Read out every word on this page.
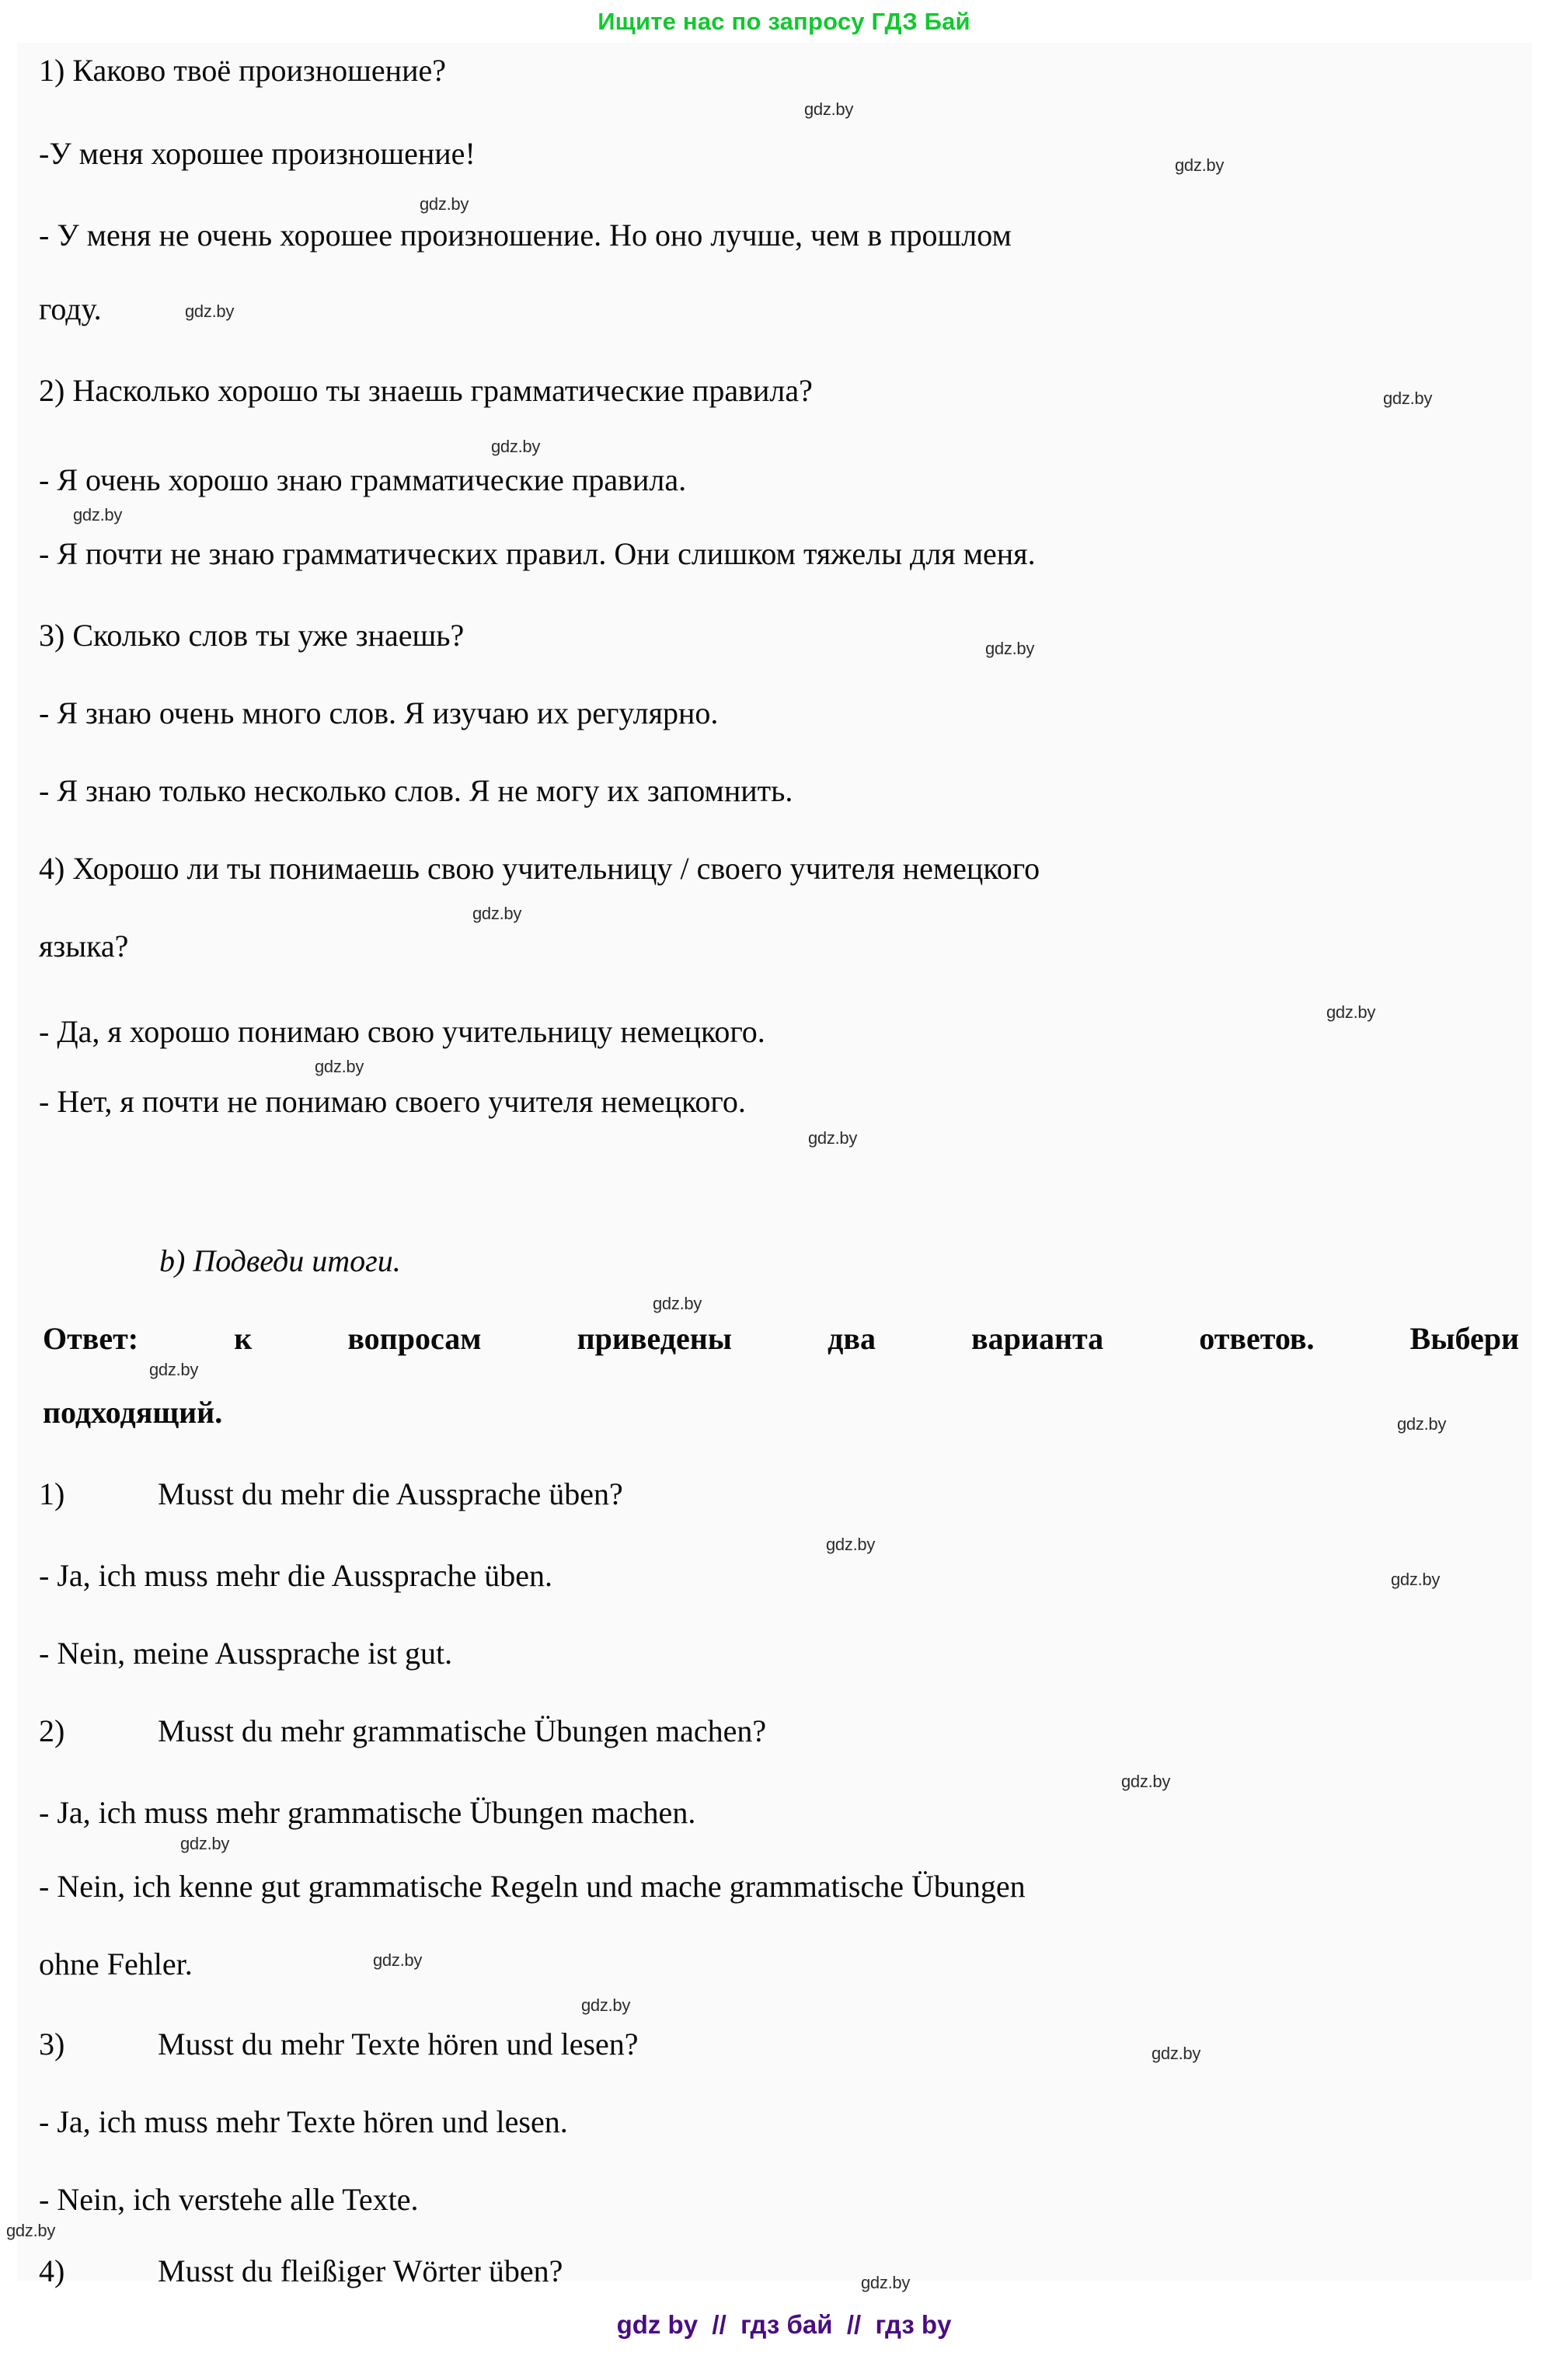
Ищите нас по запросу ГДЗ Бай
1) Каково твоё произношение?
gdz.by
-У меня хорошее произношение!	gdz.by
gdz.by
- У меня не очень хорошее произношение. Но оно лучше, чем в прошлом
году.	gdz.by
2) Насколько хорошо ты знаешь грамматические правила?	gdz.by
gdz.by
- Я очень хорошо знаю грамматические правила.
gdz.by
- Я почти не знаю грамматических правил. Они слишком тяжелы для меня.
3) Сколько слов ты уже знаешь?	gdz.by
- Я знаю очень много слов. Я изучаю их регулярно.
- Я знаю только несколько слов. Я не могу их запомнить.
4) Хорошо ли ты понимаешь свою учительницу / своего учителя немецкого
gdz.by
языка?
- Да, я хорошо понимаю свою учительницу немецкого.
gdz.by
gdz.by
- Нет, я почти не понимаю своего учителя немецкого.
gdz.by
b) Подведи итоги.
gdz.by
Ответ: к вопросам приведены два варианта ответов. Выбери
gdz.by
подходящий.	gdz.by
1)	Musst du mehr die Aussprache üben?
gdz.by
- Ja, ich muss mehr die Aussprache üben.	gdz.by
- Nein, meine Aussprache ist gut.
2)	Musst du mehr grammatische Übungen machen?
gdz.by
- Ja, ich muss mehr grammatische Übungen machen.
gdz.by
- Nein, ich kenne gut grammatische Regeln und mache grammatische Übungen
ohne Fehler.	gdz.by
gdz.by
3)	Musst du mehr Texte hören und lesen?	gdz.by
- Ja, ich muss mehr Texte hören und lesen.
- Nein, ich verstehe alle Texte.
gdz.by
4)	Musst du fleißiger Wörter üben?	gdz.by
gdz by  //  гдз бай  //  гдз by
